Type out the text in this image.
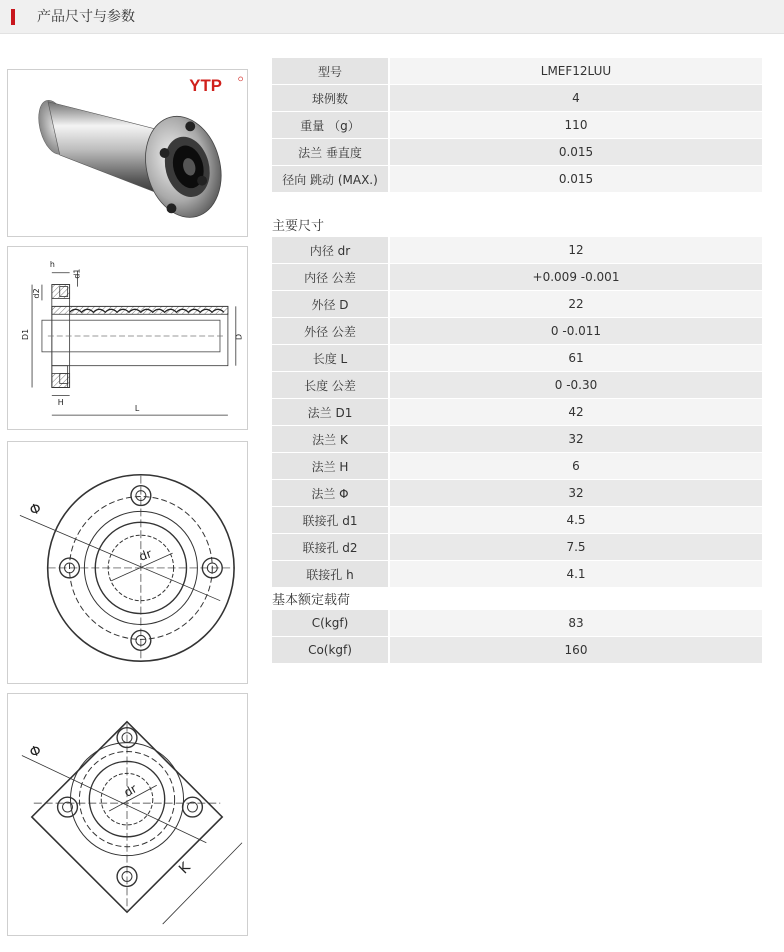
产品尺寸与参数
YTP
h
d1
d2
D1	D
H
L
Φ
dr
Φ
dr
K
型号	LMEF12LUU
球例数	4
重量 （g）	110
法兰 垂直度	0.015
径向 跳动 (MAX.)	0.015
主要尺寸
内径 dr	12
内径 公差	+0.009 -0.001
外径 D	22
外径 公差	0 -0.011
长度 L	61
长度 公差	0 -0.30
法兰 D1	42
法兰 K	32
法兰 H	6
法兰 Φ	32
联接孔 d1	4.5
联接孔 d2	7.5
联接孔 h	4.1
基本额定载荷
C(kgf)	83
Co(kgf)	160
